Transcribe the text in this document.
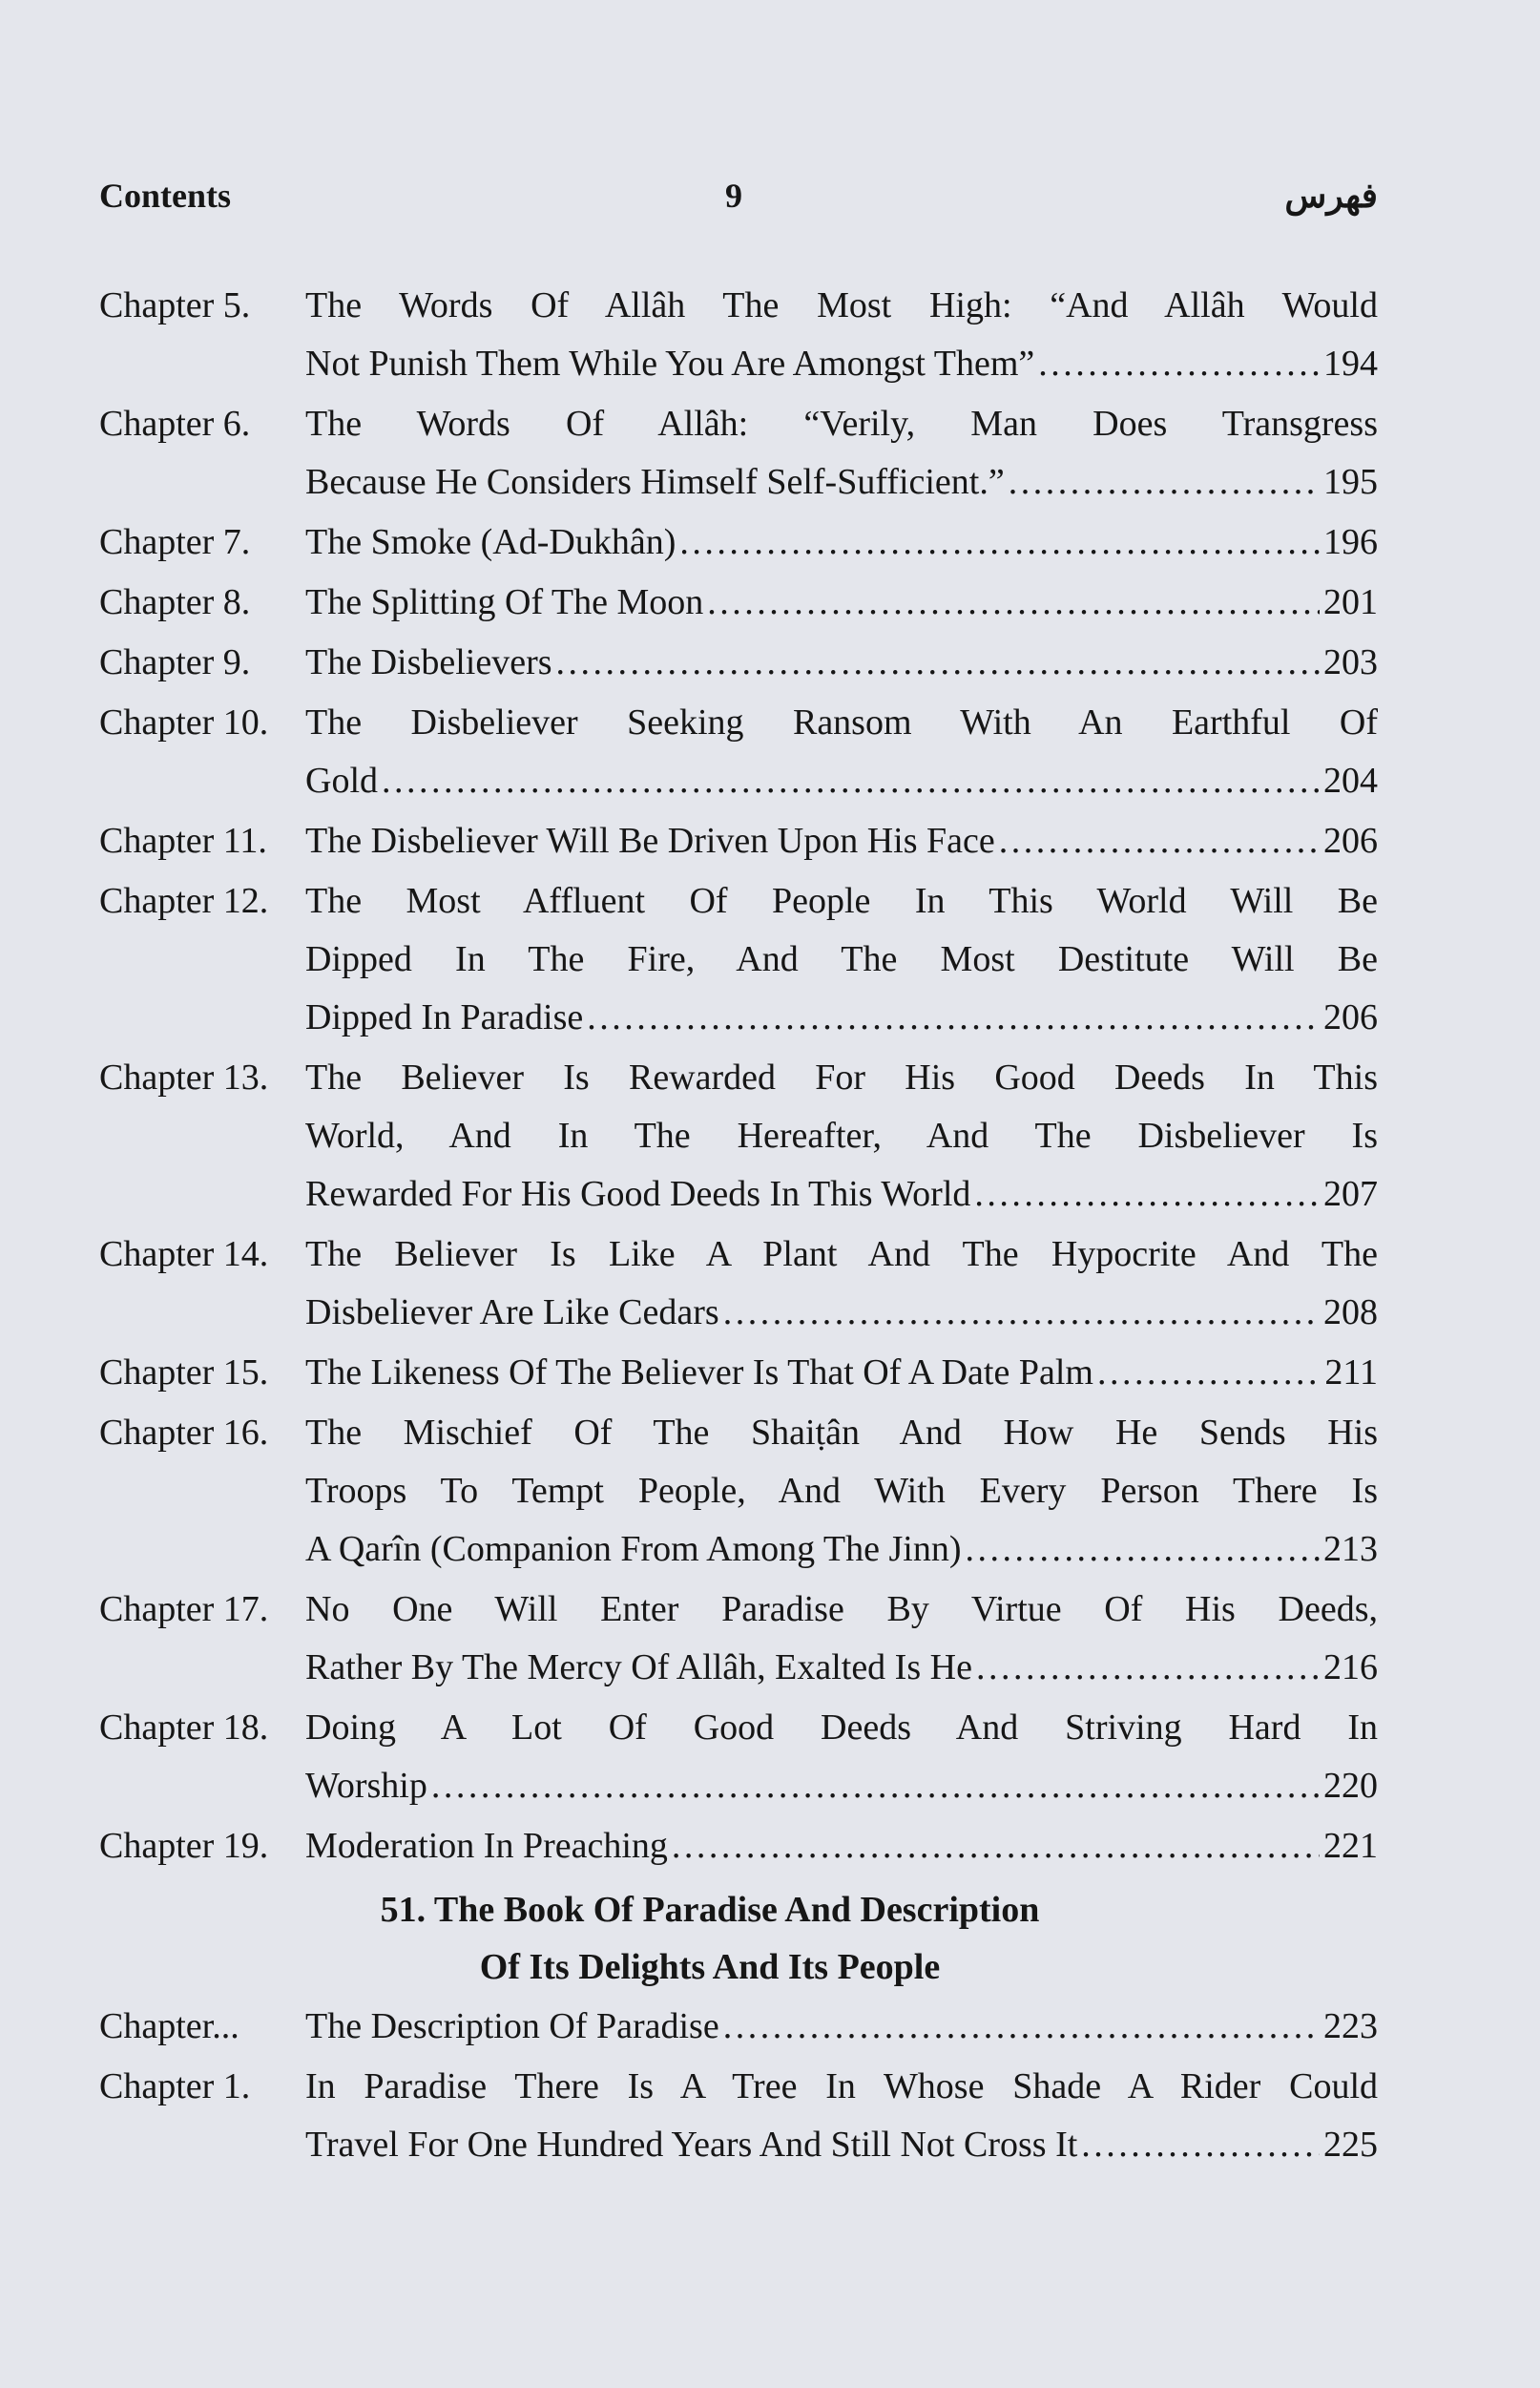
Contents	9	فهرس
Chapter 5. The Words Of Allâh The Most High: “And Allâh Would
Not Punish Them While You Are Amongst Them” . . .	194
Chapter 6. The Words Of Allâh: “Verily, Man Does Transgress
Because He Considers Himself Self-Sufficient.” . . .	195
Chapter 7. The Smoke (Ad-Dukhân) . . .	196
Chapter 8. The Splitting Of The Moon . . .	201
Chapter 9. The Disbelievers . . .	203
Chapter 10. The Disbeliever Seeking Ransom With An Earthful Of
Gold . . .	204
Chapter 11. The Disbeliever Will Be Driven Upon His Face . . .	206
Chapter 12. The Most Affluent Of People In This World Will Be
Dipped In The Fire, And The Most Destitute Will Be
Dipped In Paradise . . .	206
Chapter 13. The Believer Is Rewarded For His Good Deeds In This
World, And In The Hereafter, And The Disbeliever Is
Rewarded For His Good Deeds In This World . . .	207
Chapter 14. The Believer Is Like A Plant And The Hypocrite And The
Disbeliever Are Like Cedars . . .	208
Chapter 15. The Likeness Of The Believer Is That Of A Date Palm . . .	211
Chapter 16. The Mischief Of The Shaiṭân And How He Sends His
Troops To Tempt People, And With Every Person There Is
A Qarîn (Companion From Among The Jinn) . . .	213
Chapter 17. No One Will Enter Paradise By Virtue Of His Deeds,
Rather By The Mercy Of Allâh, Exalted Is He . . .	216
Chapter 18. Doing A Lot Of Good Deeds And Striving Hard In
Worship . . .	220
Chapter 19. Moderation In Preaching . . .	221
51. The Book Of Paradise And Description
Of Its Delights And Its People
Chapter... The Description Of Paradise . . .	223
Chapter 1. In Paradise There Is A Tree In Whose Shade A Rider Could
Travel For One Hundred Years And Still Not Cross It . . .	225
